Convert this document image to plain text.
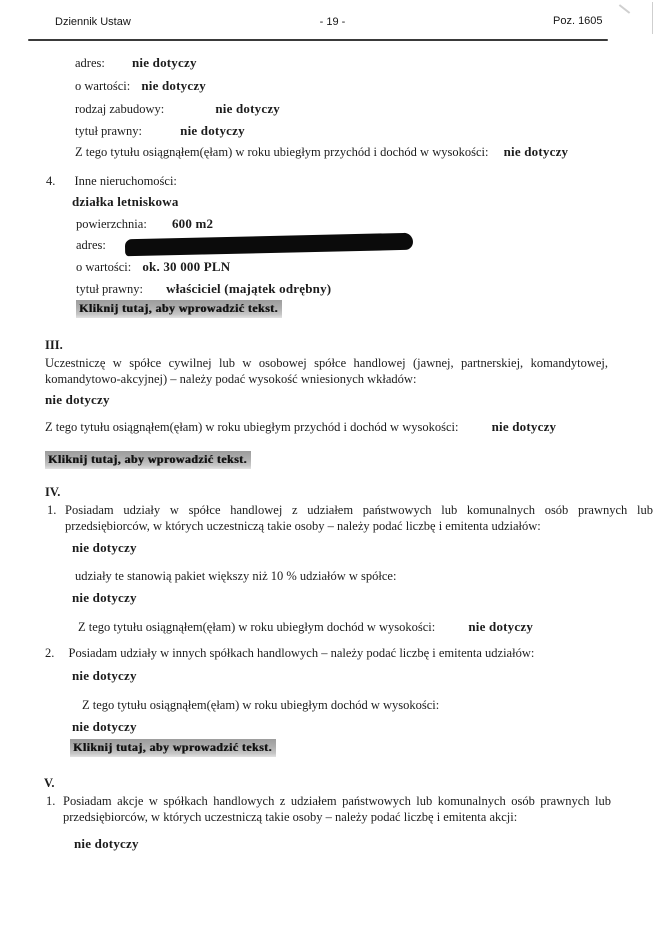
Dziennik Ustaw	- 19 -	Poz. 1605
adres: nie dotyczy
o wartości: nie dotyczy
rodzaj zabudowy:	nie dotyczy
tytuł prawny:	nie dotyczy
Z tego tytułu osiągnąłem(ęłam) w roku ubiegłym przychód i dochód w wysokości: nie dotyczy
4. Inne nieruchomości:
działka letniskowa
powierzchnia: 600 m2
adres:
o wartości: ok. 30 000 PLN
tytuł prawny: właściciel (majątek odrębny)
Kliknij tutaj, aby wprowadzić tekst.
III.
Uczestniczę w spółce cywilnej lub w osobowej spółce handlowej (jawnej, partnerskiej, komandytowej, komandytowo-akcyjnej) – należy podać wysokość wniesionych wkładów:
nie dotyczy
Z tego tytułu osiągnąłem(ęłam) w roku ubiegłym przychód i dochód w wysokości:	nie dotyczy
Kliknij tutaj, aby wprowadzić tekst.
IV.
1. Posiadam udziały w spółce handlowej z udziałem państwowych lub komunalnych osób prawnych lub przedsiębiorców, w których uczestniczą takie osoby – należy podać liczbę i emitenta udziałów:
nie dotyczy
udziały te stanowią pakiet większy niż 10 % udziałów w spółce:
nie dotyczy
Z tego tytułu osiągnąłem(ęłam) w roku ubiegłym dochód w wysokości:	nie dotyczy
2. Posiadam udziały w innych spółkach handlowych – należy podać liczbę i emitenta udziałów:
nie dotyczy
Z tego tytułu osiągnąłem(ęłam) w roku ubiegłym dochód w wysokości:
nie dotyczy
Kliknij tutaj, aby wprowadzić tekst.
V.
1. Posiadam akcje w spółkach handlowych z udziałem państwowych lub komunalnych osób prawnych lub przedsiębiorców, w których uczestniczą takie osoby – należy podać liczbę i emitenta akcji:
nie dotyczy
